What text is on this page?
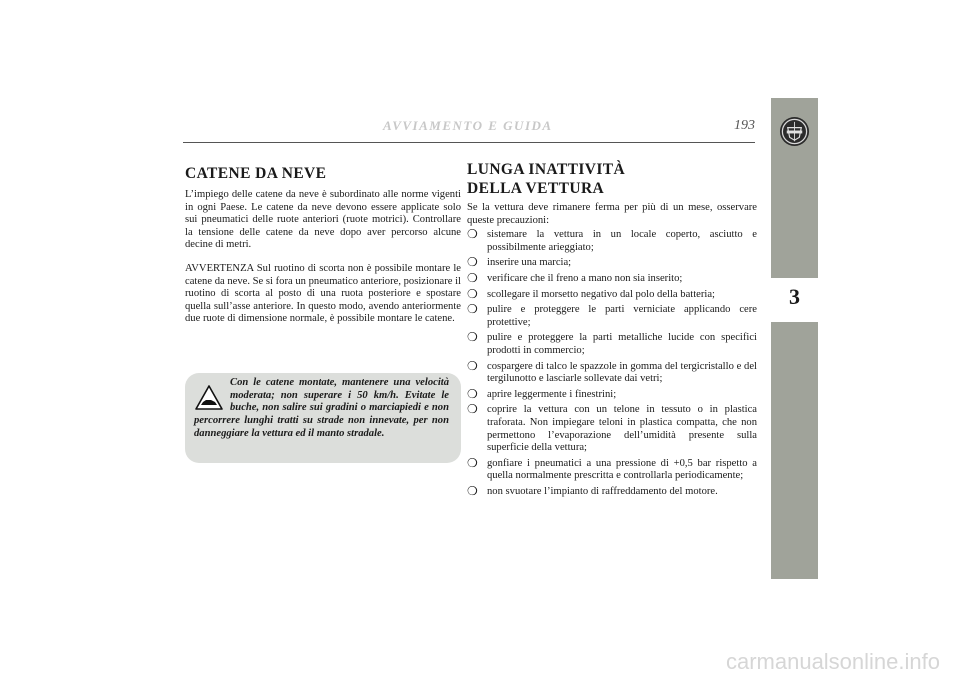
AVVIAMENTO E GUIDA	193
3
CATENE DA NEVE

L’impiego delle catene da neve è subordinato alle norme vigenti in ogni Paese. Le catene da neve devono essere applicate solo sui pneumatici delle ruote anteriori (ruote motrici). Controllare la tensione delle catene da neve dopo aver percorso alcune decine di metri.

AVVERTENZA Sul ruotino di scorta non è possibile montare le catene da neve. Se si fora un pneumatico anteriore, posizionare il ruotino di scorta al posto di una ruota posteriore e spostare quella sull’asse anteriore. In questo modo, avendo anteriormente due ruote di dimensione normale, è possibile montare le catene.

Con le catene montate, mantenere una velocità moderata; non superare i 50 km/h. Evitate le buche, non salire sui gradini o marciapiedi e non percorrere lunghi tratti su strade non innevate, per non danneggiare la vettura ed il manto stradale.

LUNGA INATTIVITÀ
DELLA VETTURA

Se la vettura deve rimanere ferma per più di un mese, osservare queste precauzioni:

❍ sistemare la vettura in un locale coperto, asciutto e possibilmente arieggiato;
❍ inserire una marcia;
❍ verificare che il freno a mano non sia inserito;
❍ scollegare il morsetto negativo dal polo della batteria;
❍ pulire e proteggere le parti verniciate applicando cere protettive;
❍ pulire e proteggere la parti metalliche lucide con specifici prodotti in commercio;
❍ cospargere di talco le spazzole in gomma del tergicristallo e del tergilunotto e lasciarle sollevate dai vetri;
❍ aprire leggermente i finestrini;
❍ coprire la vettura con un telone in tessuto o in plastica traforata. Non impiegare teloni in plastica compatta, che non permettono l’evaporazione dell’umidità presente sulla superficie della vettura;
❍ gonfiare i pneumatici a una pressione di +0,5 bar rispetto a quella normalmente prescritta e controllarla periodicamente;
❍ non svuotare l’impianto di raffreddamento del motore.
carmanualsonline.info
